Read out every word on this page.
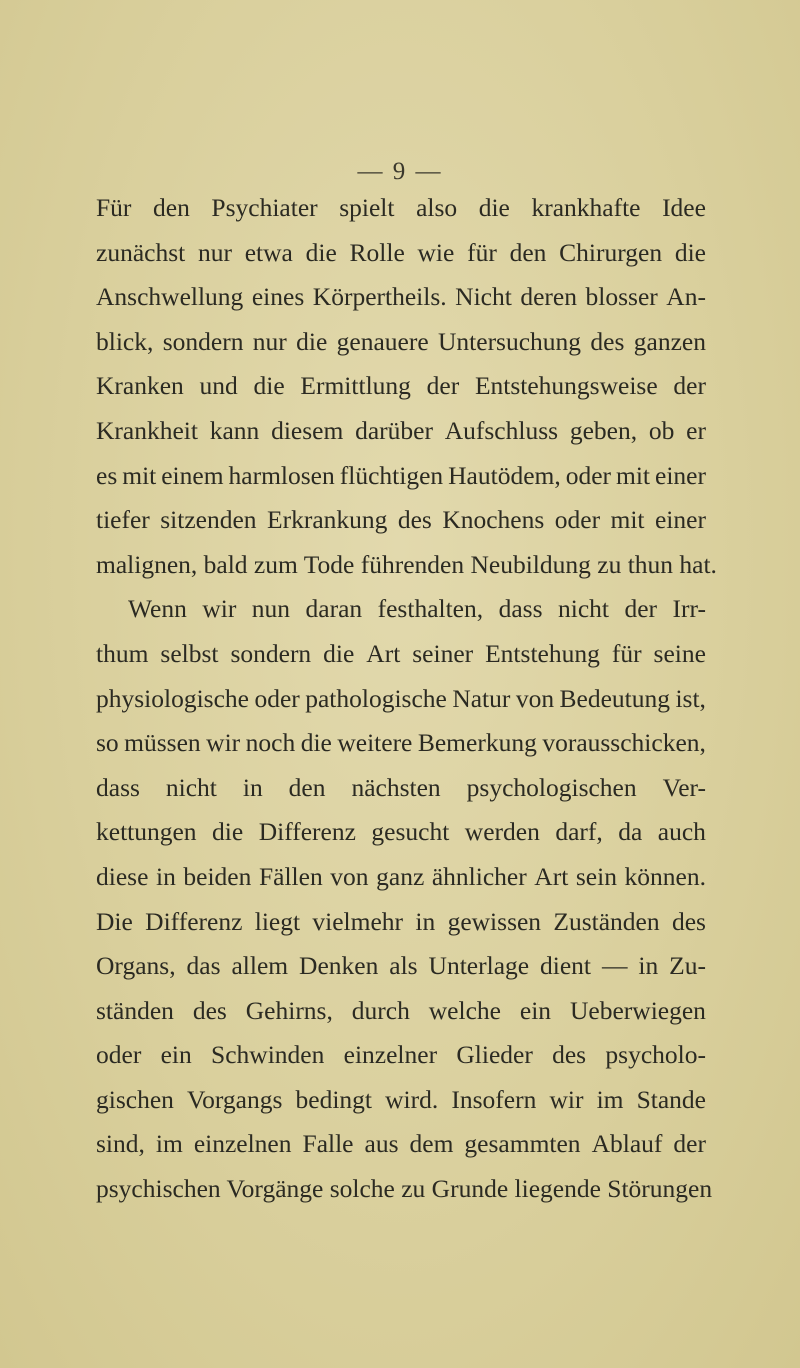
— 9 —
Für den Psychiater spielt also die krankhafte Idee
zunächst nur etwa die Rolle wie für den Chirurgen die
Anschwellung eines Körpertheils. Nicht deren blosser An-
blick, sondern nur die genauere Untersuchung des ganzen
Kranken und die Ermittlung der Entstehungsweise der
Krankheit kann diesem darüber Aufschluss geben, ob er
es mit einem harmlosen flüchtigen Hautödem, oder mit einer
tiefer sitzenden Erkrankung des Knochens oder mit einer
malignen, bald zum Tode führenden Neubildung zu thun hat.
Wenn wir nun daran festhalten, dass nicht der Irr-
thum selbst sondern die Art seiner Entstehung für seine
physiologische oder pathologische Natur von Bedeutung ist,
so müssen wir noch die weitere Bemerkung vorausschicken,
dass nicht in den nächsten psychologischen Ver-
kettungen die Differenz gesucht werden darf, da auch
diese in beiden Fällen von ganz ähnlicher Art sein können.
Die Differenz liegt vielmehr in gewissen Zuständen des
Organs, das allem Denken als Unterlage dient — in Zu-
ständen des Gehirns, durch welche ein Ueberwiegen
oder ein Schwinden einzelner Glieder des psycholo-
gischen Vorgangs bedingt wird. Insofern wir im Stande
sind, im einzelnen Falle aus dem gesammten Ablauf der
psychischen Vorgänge solche zu Grunde liegende Störungen
